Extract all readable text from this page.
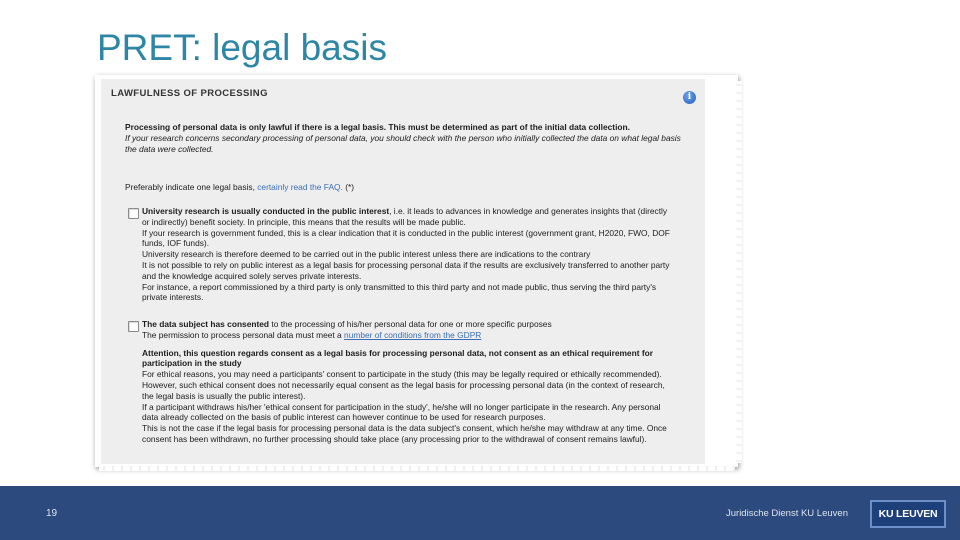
PRET: legal basis
LAWFULNESS OF PROCESSING
Processing of personal data is only lawful if there is a legal basis. This must be determined as part of the initial data collection.
If your research concerns secondary processing of personal data, you should check with the person who initially collected the data on what legal basis the data were collected.
Preferably indicate one legal basis, certainly read the FAQ. (*)
University research is usually conducted in the public interest, i.e. it leads to advances in knowledge and generates insights that (directly or indirectly) benefit society. In principle, this means that the results will be made public.
If your research is government funded, this is a clear indication that it is conducted in the public interest (government grant, H2020, FWO, DOF funds, IOF funds).
University research is therefore deemed to be carried out in the public interest unless there are indications to the contrary
It is not possible to rely on public interest as a legal basis for processing personal data if the results are exclusively transferred to another party and the knowledge acquired solely serves private interests.
For instance, a report commissioned by a third party is only transmitted to this third party and not made public, thus serving the third party's private interests.
The data subject has consented to the processing of his/her personal data for one or more specific purposes
The permission to process personal data must meet a number of conditions from the GDPR
Attention, this question regards consent as a legal basis for processing personal data, not consent as an ethical requirement for participation in the study
For ethical reasons, you may need a participants' consent to participate in the study (this may be legally required or ethically recommended). However, such ethical consent does not necessarily equal consent as the legal basis for processing personal data (in the context of research, the legal basis is usually the public interest).
If a participant withdraws his/her 'ethical consent for participation in the study', he/she will no longer participate in the research. Any personal data already collected on the basis of public interest can however continue to be used for research purposes.
This is not the case if the legal basis for processing personal data is the data subject's consent, which he/she may withdraw at any time. Once consent has been withdrawn, no further processing should take place (any processing prior to the withdrawal of consent remains lawful).
i
19	Juridische Dienst KU Leuven	KU LEUVEN
